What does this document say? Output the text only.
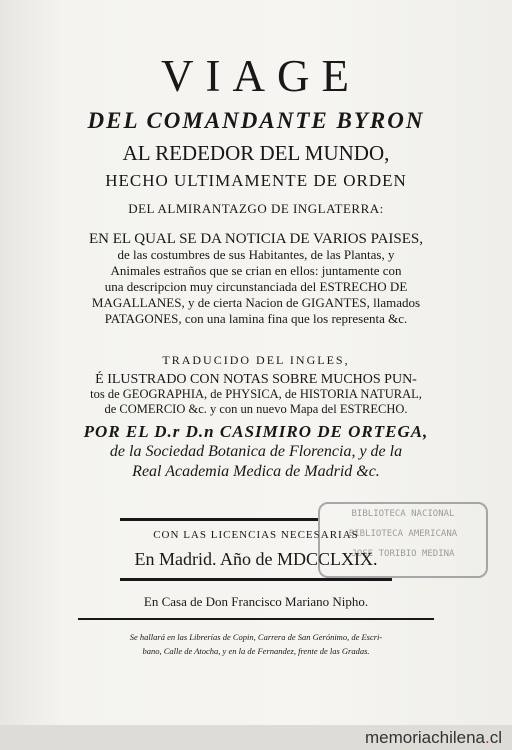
VIAGE
DEL COMANDANTE BYRON
AL REDEDOR DEL MUNDO,
HECHO ULTIMAMENTE DE ORDEN
DEL ALMIRANTAZGO DE INGLATERRA:
EN EL QUAL SE DA NOTICIA DE VARIOS PAISES,
de las costumbres de sus Habitantes, de las Plantas, y
Animales estraños que se crian en ellos: juntamente con
una descripcion muy circunstanciada del ESTRECHO DE
MAGALLANES, y de cierta Nacion de GIGANTES, llamados
PATAGONES, con una lamina fina que los representa &c.
TRADUCIDO DEL INGLES,
É ILUSTRADO CON NOTAS SOBRE MUCHOS PUN-
tos de GEOGRAPHIA, de PHYSICA, de HISTORIA NATURAL,
de COMERCIO &c. y con un nuevo Mapa del ESTRECHO.
POR EL D.r D.n CASIMIRO DE ORTEGA,
de la Sociedad Botanica de Florencia, y de la
Real Academia Medica de Madrid &c.
CON LAS LICENCIAS NECESARIAS
En Madrid. Año de MDCCLXIX.
En Casa de Don Francisco Mariano Nipho.
Se hallará en las Librerías de Copin, Carrera de San Gerónimo, de Escri-
bano, Calle de Atocha, y en la de Fernandez, frente de las Gradas.
BIBLIOTECA NACIONAL
BIBLIOTECA AMERICANA
JOSE TORIBIO MEDINA
memoriachilena.cl
